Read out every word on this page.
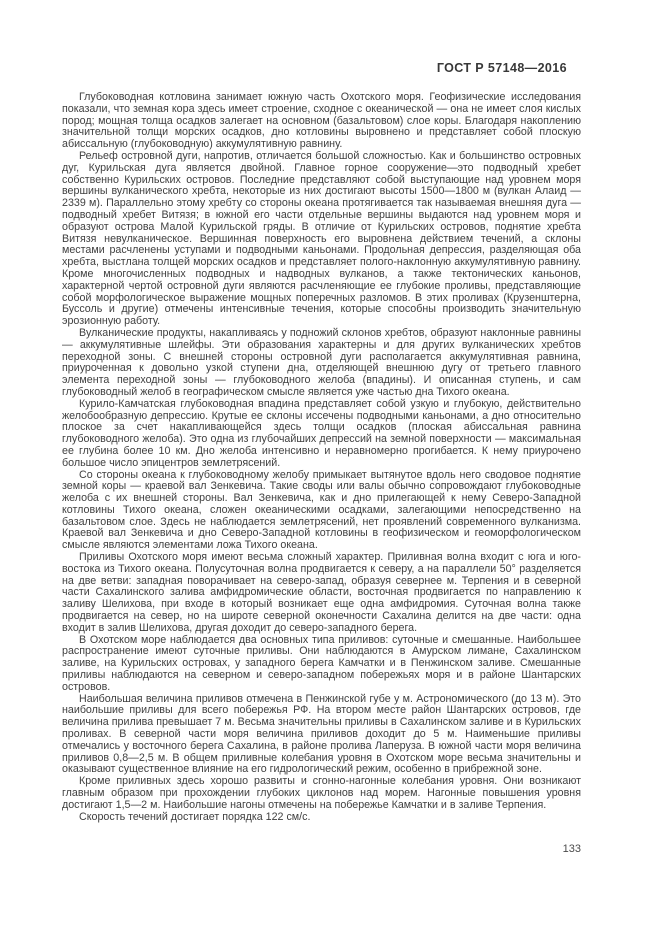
ГОСТ Р 57148—2016

Глубоководная котловина занимает южную часть Охотского моря. Геофизические исследования показали, что земная кора здесь имеет строение, сходное с океанической — она не имеет слоя кислых пород; мощная толща осадков залегает на основном (базальтовом) слое коры. Благодаря накоплению значительной толщи морских осадков, дно котловины выровнено и представляет собой плоскую абиссальную (глубоководную) аккумулятивную равнину.

Рельеф островной дуги, напротив, отличается большой сложностью. Как и большинство островных дуг, Курильская дуга является двойной. Главное горное сооружение—это подводный хребет собственно Курильских островов. Последние представляют собой выступающие над уровнем моря вершины вулканического хребта, некоторые из них достигают высоты 1500—1800 м (вулкан Алаид — 2339 м). Параллельно этому хребту со стороны океана протягивается так называемая внешняя дуга — подводный хребет Витязя; в южной его части отдельные вершины выдаются над уровнем моря и образуют острова Малой Курильской гряды. В отличие от Курильских островов, поднятие хребта Витязя невулканическое. Вершинная поверхность его выровнена действием течений, а склоны местами расчленены уступами и подводными каньонами. Продольная депрессия, разделяющая оба хребта, выстлана толщей морских осадков и представляет полого-наклонную аккумулятивную равнину. Кроме многочисленных подводных и надводных вулканов, а также тектонических каньонов, характерной чертой островной дуги являются расчленяющие ее глубокие проливы, представляющие собой морфологическое выражение мощных поперечных разломов. В этих проливах (Крузенштерна, Буссоль и другие) отмечены интенсивные течения, которые способны производить значительную эрозионную работу.

Вулканические продукты, накапливаясь у подножий склонов хребтов, образуют наклонные равнины — аккумулятивные шлейфы. Эти образования характерны и для других вулканических хребтов переходной зоны. С внешней стороны островной дуги располагается аккумулятивная равнина, приуроченная к довольно узкой ступени дна, отделяющей внешнюю дугу от третьего главного элемента переходной зоны — глубоководного желоба (впадины). И описанная ступень, и сам глубоководный желоб в географическом смысле является уже частью дна Тихого океана.

Курило-Камчатская глубоководная впадина представляет собой узкую и глубокую, действительно желобообразную депрессию. Крутые ее склоны иссечены подводными каньонами, а дно относительно плоское за счет накапливающейся здесь толщи осадков (плоская абиссальная равнина глубоководного желоба). Это одна из глубочайших депрессий на земной поверхности — максимальная ее глубина более 10 км. Дно желоба интенсивно и неравномерно прогибается. К нему приурочено большое число эпицентров землетрясений.

Со стороны океана к глубоководному желобу примыкает вытянутое вдоль него сводовое поднятие земной коры — краевой вал Зенкевича. Такие своды или валы обычно сопровождают глубоководные желоба с их внешней стороны. Вал Зенкевича, как и дно прилегающей к нему Северо-Западной котловины Тихого океана, сложен океаническими осадками, залегающими непосредственно на базальтовом слое. Здесь не наблюдается землетрясений, нет проявлений современного вулканизма. Краевой вал Зенкевича и дно Северо-Западной котловины в геофизическом и геоморфологическом смысле являются элементами ложа Тихого океана.

Приливы Охотского моря имеют весьма сложный характер. Приливная волна входит с юга и юго-востока из Тихого океана. Полусуточная волна продвигается к северу, а на параллели 50° разделяется на две ветви: западная поворачивает на северо-запад, образуя севернее м. Терпения и в северной части Сахалинского залива амфидромические области, восточная продвигается по направлению к заливу Шелихова, при входе в который возникает еще одна амфидромия. Суточная волна также продвигается на север, но на широте северной оконечности Сахалина делится на две части: одна входит в залив Шелихова, другая доходит до северо-западного берега.

В Охотском море наблюдается два основных типа приливов: суточные и смешанные. Наибольшее распространение имеют суточные приливы. Они наблюдаются в Амурском лимане, Сахалинском заливе, на Курильских островах, у западного берега Камчатки и в Пенжинском заливе. Смешанные приливы наблюдаются на северном и северо-западном побережьях моря и в районе Шантарских островов.

Наибольшая величина приливов отмечена в Пенжинской губе у м. Астрономического (до 13 м). Это наибольшие приливы для всего побережья РФ. На втором месте район Шантарских островов, где величина прилива превышает 7 м. Весьма значительны приливы в Сахалинском заливе и в Курильских проливах. В северной части моря величина приливов доходит до 5 м. Наименьшие приливы отмечались у восточного берега Сахалина, в районе пролива Лаперуза. В южной части моря величина приливов 0,8—2,5 м. В общем приливные колебания уровня в Охотском море весьма значительны и оказывают существенное влияние на его гидрологический режим, особенно в прибрежной зоне.

Кроме приливных здесь хорошо развиты и сгонно-нагонные колебания уровня. Они возникают главным образом при прохождении глубоких циклонов над морем. Нагонные повышения уровня достигают 1,5—2 м. Наибольшие нагоны отмечены на побережье Камчатки и в заливе Терпения.

Скорость течений достигает порядка 122 см/с.

133
